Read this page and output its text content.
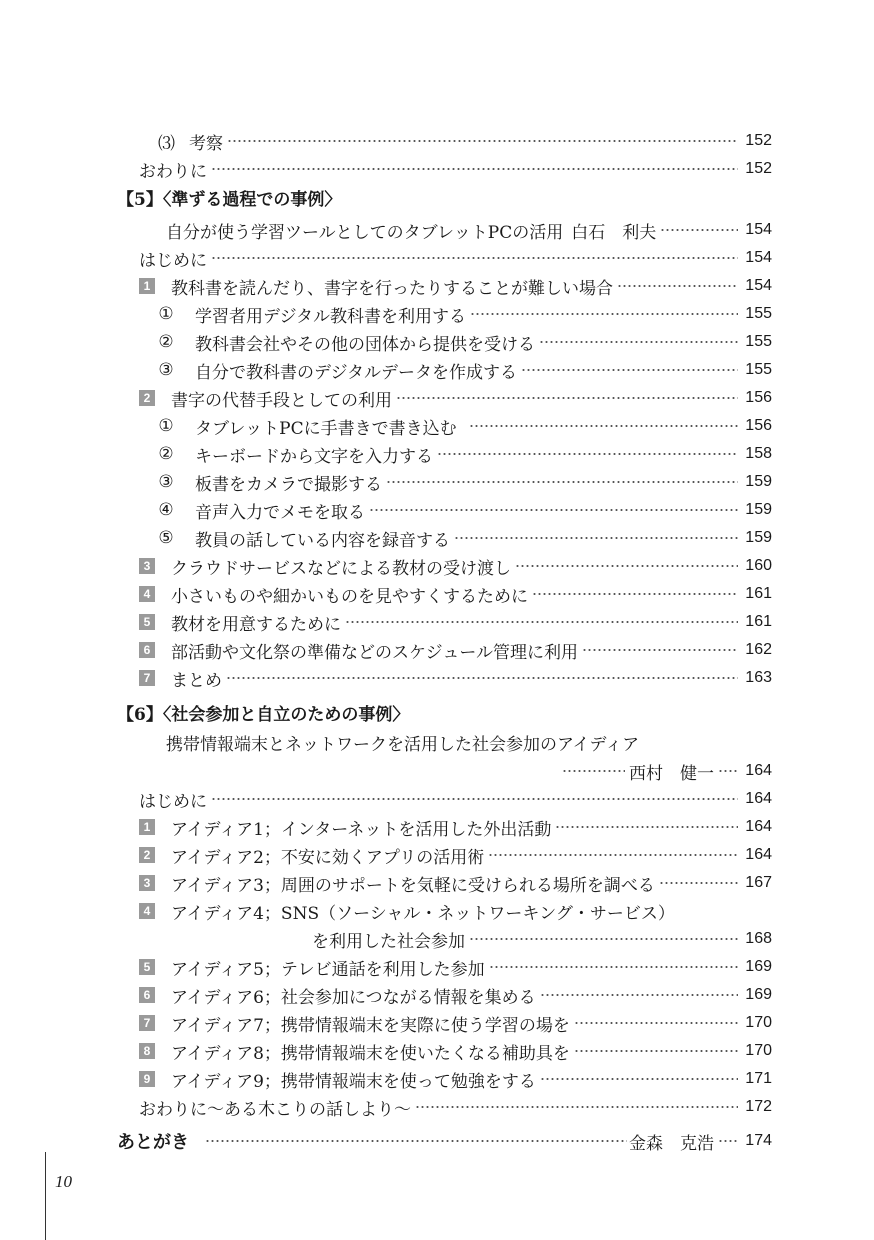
⑶ 考察	152
おわりに	152
【5】〈準ずる過程での事例〉
自分が使う学習ツールとしてのタブレットPCの活用 白石　利夫	154
はじめに	154
1 教科書を読んだり、書字を行ったりすることが難しい場合	154
① 学習者用デジタル教科書を利用する	155
② 教科書会社やその他の団体から提供を受ける	155
③ 自分で教科書のデジタルデータを作成する	155
2 書字の代替手段としての利用	156
① タブレットPCに手書きで書き込む	156
② キーボードから文字を入力する	158
③ 板書をカメラで撮影する	159
④ 音声入力でメモを取る	159
⑤ 教員の話している内容を録音する	159
3 クラウドサービスなどによる教材の受け渡し	160
4 小さいものや細かいものを見やすくするために	161
5 教材を用意するために	161
6 部活動や文化祭の準備などのスケジュール管理に利用	162
7 まとめ	163
【6】〈社会参加と自立のための事例〉
携帯情報端末とネットワークを活用した社会参加のアイディア
西村　健一 164
はじめに	164
1 アイディア1；インターネットを活用した外出活動	164
2 アイディア2；不安に効くアプリの活用術	164
3 アイディア3；周囲のサポートを気軽に受けられる場所を調べる	167
4 アイディア4；SNS（ソーシャル・ネットワーキング・サービス）
を利用した社会参加	168
5 アイディア5；テレビ通話を利用した参加	169
6 アイディア6；社会参加につながる情報を集める	169
7 アイディア7；携帯情報端末を実際に使う学習の場を	170
8 アイディア8；携帯情報端末を使いたくなる補助具を	170
9 アイディア9；携帯情報端末を使って勉強をする	171
おわりに〜ある木こりの話しより〜	172
あとがき	金森　克浩 174
10
